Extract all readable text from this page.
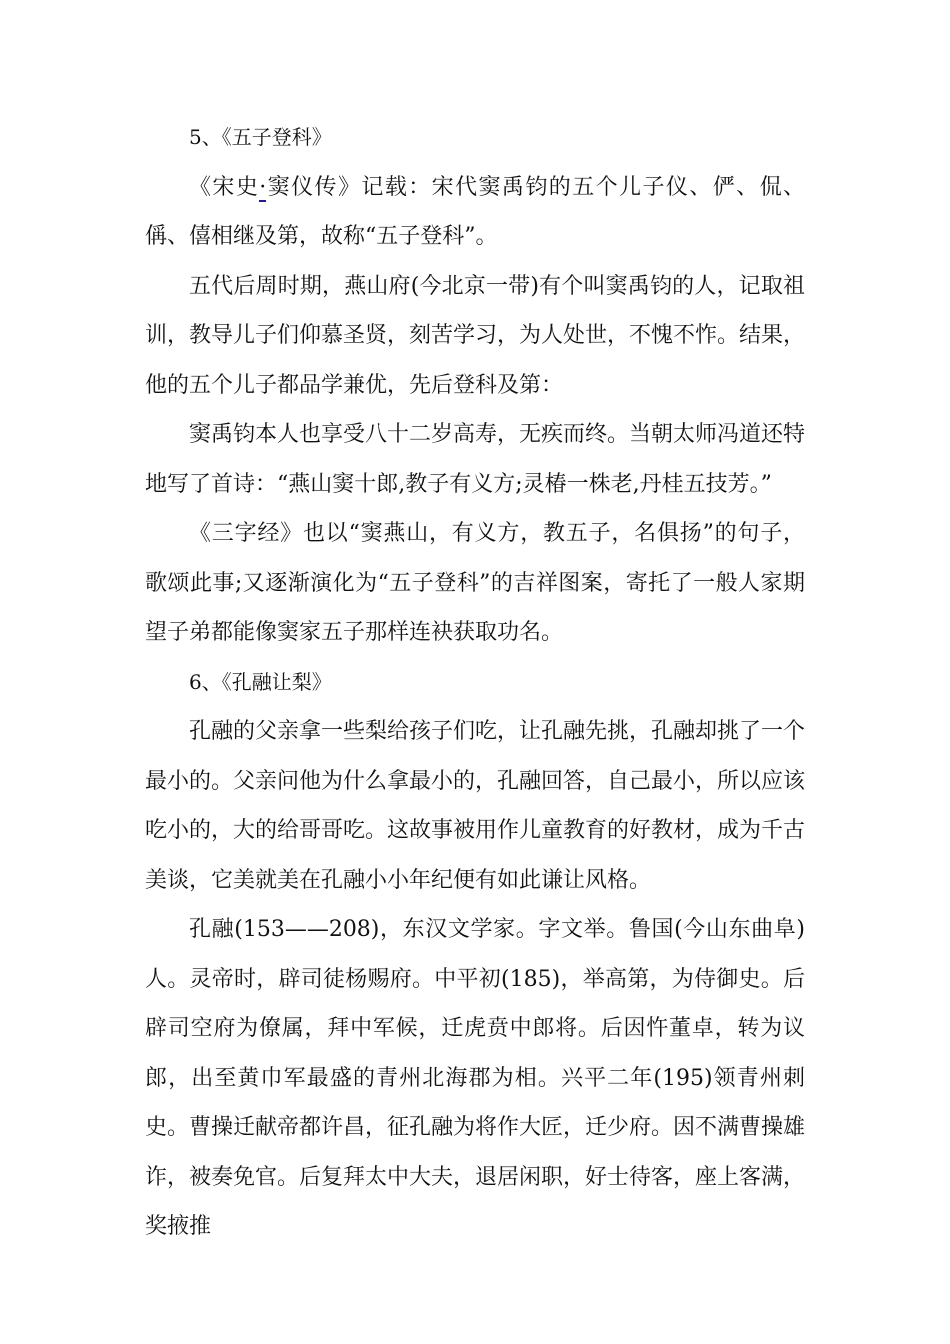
5、《五子登科》

《宋史·窦仪传》记载：宋代窦禹钧的五个儿子仪、俨、侃、偁、僖相继及第，故称“五子登科”。

五代后周时期，燕山府(今北京一带)有个叫窦禹钧的人，记取祖训，教导儿子们仰慕圣贤，刻苦学习，为人处世，不愧不怍。结果，他的五个儿子都品学兼优，先后登科及第：

窦禹钧本人也享受八十二岁高寿，无疾而终。当朝太师冯道还特地写了首诗：“燕山窦十郎,教子有义方;灵椿一株老,丹桂五技芳。”

《三字经》也以“窦燕山，有义方，教五子，名俱扬”的句子，歌颂此事;又逐渐演化为“五子登科”的吉祥图案，寄托了一般人家期望子弟都能像窦家五子那样连袂获取功名。

6、《孔融让梨》

孔融的父亲拿一些梨给孩子们吃，让孔融先挑，孔融却挑了一个最小的。父亲问他为什么拿最小的，孔融回答，自己最小，所以应该吃小的，大的给哥哥吃。这故事被用作儿童教育的好教材，成为千古美谈，它美就美在孔融小小年纪便有如此谦让风格。

孔融(153——208)，东汉文学家。字文举。鲁国(今山东曲阜)人。灵帝时，辟司徒杨赐府。中平初(185)，举高第，为侍御史。后辟司空府为僚属，拜中军候，迁虎贲中郎将。后因忤董卓，转为议郎，出至黄巾军最盛的青州北海郡为相。兴平二年(195)领青州刺史。曹操迁献帝都许昌，征孔融为将作大匠，迁少府。因不满曹操雄诈，被奏免官。后复拜太中大夫，退居闲职，好士待客，座上客满，奖掖推
